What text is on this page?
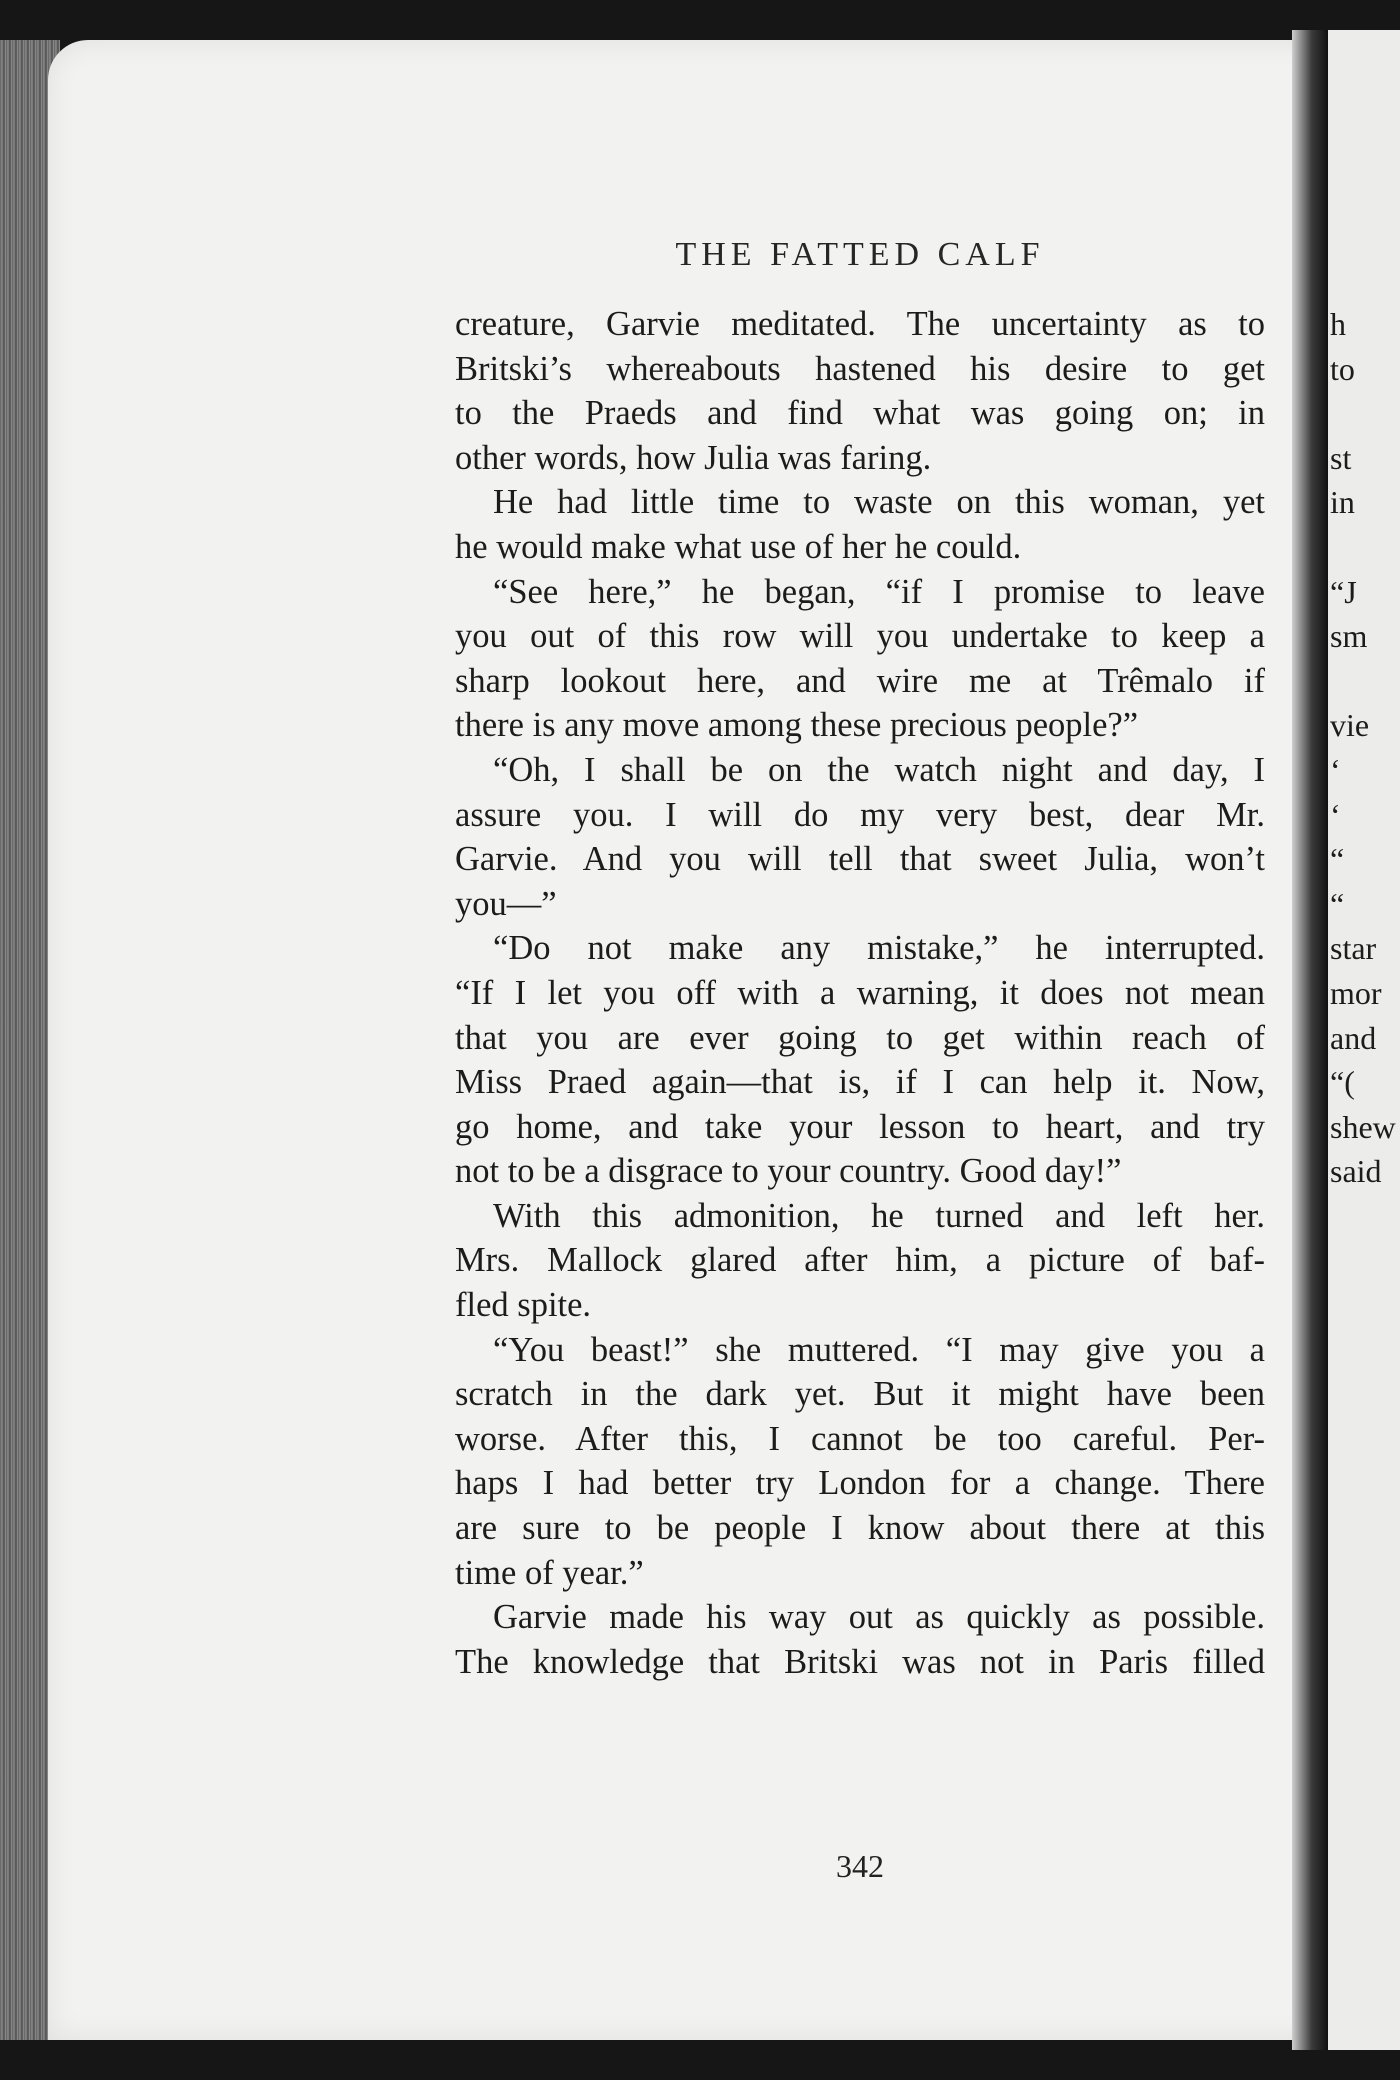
THE FATTED CALF
creature, Garvie meditated. The uncertainty as to
Britski’s whereabouts hastened his desire to get
to the Praeds and find what was going on; in
other words, how Julia was faring.
He had little time to waste on this woman, yet
he would make what use of her he could.
“See here,” he began, “if I promise to leave
you out of this row will you undertake to keep a
sharp lookout here, and wire me at Trêmalo if
there is any move among these precious people?”
“Oh, I shall be on the watch night and day, I
assure you. I will do my very best, dear Mr.
Garvie. And you will tell that sweet Julia, won’t
you—”
“Do not make any mistake,” he interrupted.
“If I let you off with a warning, it does not mean
that you are ever going to get within reach of
Miss Praed again—that is, if I can help it. Now,
go home, and take your lesson to heart, and try
not to be a disgrace to your country. Good day!”
With this admonition, he turned and left her.
Mrs. Mallock glared after him, a picture of baf-
fled spite.
“You beast!” she muttered. “I may give you a
scratch in the dark yet. But it might have been
worse. After this, I cannot be too careful. Per-
haps I had better try London for a change. There
are sure to be people I know about there at this
time of year.”
Garvie made his way out as quickly as possible.
The knowledge that Britski was not in Paris filled
342
h
to
st
in
“J
sm
vie
‘
‘
“
“
star
mor
and
“(
shew
said
